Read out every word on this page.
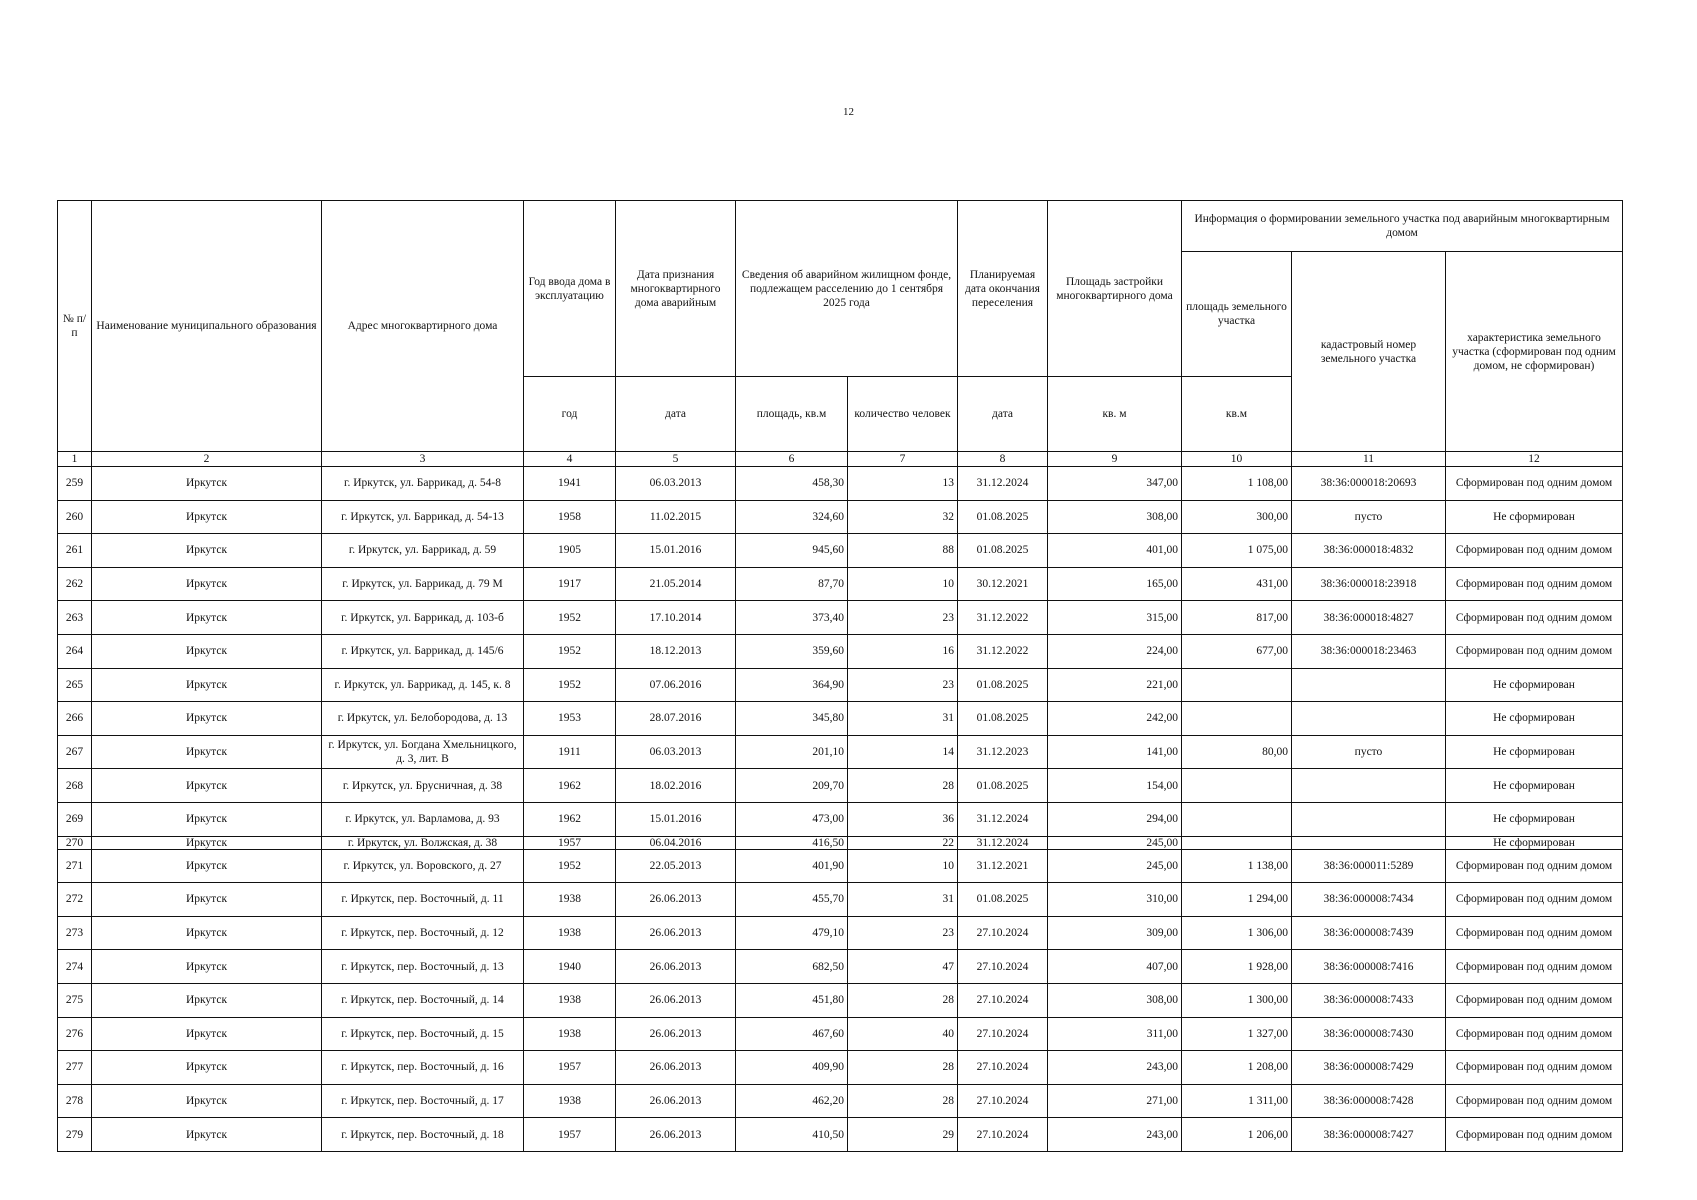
12
№ п/п	Наименование муниципального образования	Адрес многоквартирного дома	Год ввода дома в эксплуатацию	Дата признания многоквартирного дома аварийным	Сведения об аварийном жилищном фонде, подлежащем расселению до 1 сентября 2025 года		Планируемая дата окончания переселения	Площадь застройки многоквартирного дома	Информация о формировании земельного участка под аварийным многоквартирным домом		
									площадь земельного участка	кадастровый номер земельного участка	характеристика земельного участка (сформирован под одним домом, не сформирован)
			год	дата	площадь, кв.м	количество человек	дата	кв. м	кв.м		
1	2	3	4	5	6	7	8	9	10	11	12
259	Иркутск	г. Иркутск, ул. Баррикад, д. 54-8	1941	06.03.2013	458,30	13	31.12.2024	347,00	1 108,00	38:36:000018:20693	Сформирован под одним домом
260	Иркутск	г. Иркутск, ул. Баррикад, д. 54-13	1958	11.02.2015	324,60	32	01.08.2025	308,00	300,00	пусто	Не сформирован
261	Иркутск	г. Иркутск, ул. Баррикад, д. 59	1905	15.01.2016	945,60	88	01.08.2025	401,00	1 075,00	38:36:000018:4832	Сформирован под одним домом
262	Иркутск	г. Иркутск, ул. Баррикад, д. 79 М	1917	21.05.2014	87,70	10	30.12.2021	165,00	431,00	38:36:000018:23918	Сформирован под одним домом
263	Иркутск	г. Иркутск, ул. Баррикад, д. 103-б	1952	17.10.2014	373,40	23	31.12.2022	315,00	817,00	38:36:000018:4827	Сформирован под одним домом
264	Иркутск	г. Иркутск, ул. Баррикад, д. 145/6	1952	18.12.2013	359,60	16	31.12.2022	224,00	677,00	38:36:000018:23463	Сформирован под одним домом
265	Иркутск	г. Иркутск, ул. Баррикад, д. 145, к. 8	1952	07.06.2016	364,90	23	01.08.2025	221,00			Не сформирован
266	Иркутск	г. Иркутск, ул. Белобородова, д. 13	1953	28.07.2016	345,80	31	01.08.2025	242,00			Не сформирован
267	Иркутск	г. Иркутск, ул. Богдана Хмельницкого, д. 3, лит. В	1911	06.03.2013	201,10	14	31.12.2023	141,00	80,00	пусто	Не сформирован
268	Иркутск	г. Иркутск, ул. Брусничная, д. 38	1962	18.02.2016	209,70	28	01.08.2025	154,00			Не сформирован
269	Иркутск	г. Иркутск, ул. Варламова, д. 93	1962	15.01.2016	473,00	36	31.12.2024	294,00			Не сформирован
270	Иркутск	г. Иркутск, ул. Волжская, д. 38	1957	06.04.2016	416,50	22	31.12.2024	245,00			Не сформирован
271	Иркутск	г. Иркутск, ул. Воровского, д. 27	1952	22.05.2013	401,90	10	31.12.2021	245,00	1 138,00	38:36:000011:5289	Сформирован под одним домом
272	Иркутск	г. Иркутск, пер. Восточный, д. 11	1938	26.06.2013	455,70	31	01.08.2025	310,00	1 294,00	38:36:000008:7434	Сформирован под одним домом
273	Иркутск	г. Иркутск, пер. Восточный, д. 12	1938	26.06.2013	479,10	23	27.10.2024	309,00	1 306,00	38:36:000008:7439	Сформирован под одним домом
274	Иркутск	г. Иркутск, пер. Восточный, д. 13	1940	26.06.2013	682,50	47	27.10.2024	407,00	1 928,00	38:36:000008:7416	Сформирован под одним домом
275	Иркутск	г. Иркутск, пер. Восточный, д. 14	1938	26.06.2013	451,80	28	27.10.2024	308,00	1 300,00	38:36:000008:7433	Сформирован под одним домом
276	Иркутск	г. Иркутск, пер. Восточный, д. 15	1938	26.06.2013	467,60	40	27.10.2024	311,00	1 327,00	38:36:000008:7430	Сформирован под одним домом
277	Иркутск	г. Иркутск, пер. Восточный, д. 16	1957	26.06.2013	409,90	28	27.10.2024	243,00	1 208,00	38:36:000008:7429	Сформирован под одним домом
278	Иркутск	г. Иркутск, пер. Восточный, д. 17	1938	26.06.2013	462,20	28	27.10.2024	271,00	1 311,00	38:36:000008:7428	Сформирован под одним домом
279	Иркутск	г. Иркутск, пер. Восточный, д. 18	1957	26.06.2013	410,50	29	27.10.2024	243,00	1 206,00	38:36:000008:7427	Сформирован под одним домом
